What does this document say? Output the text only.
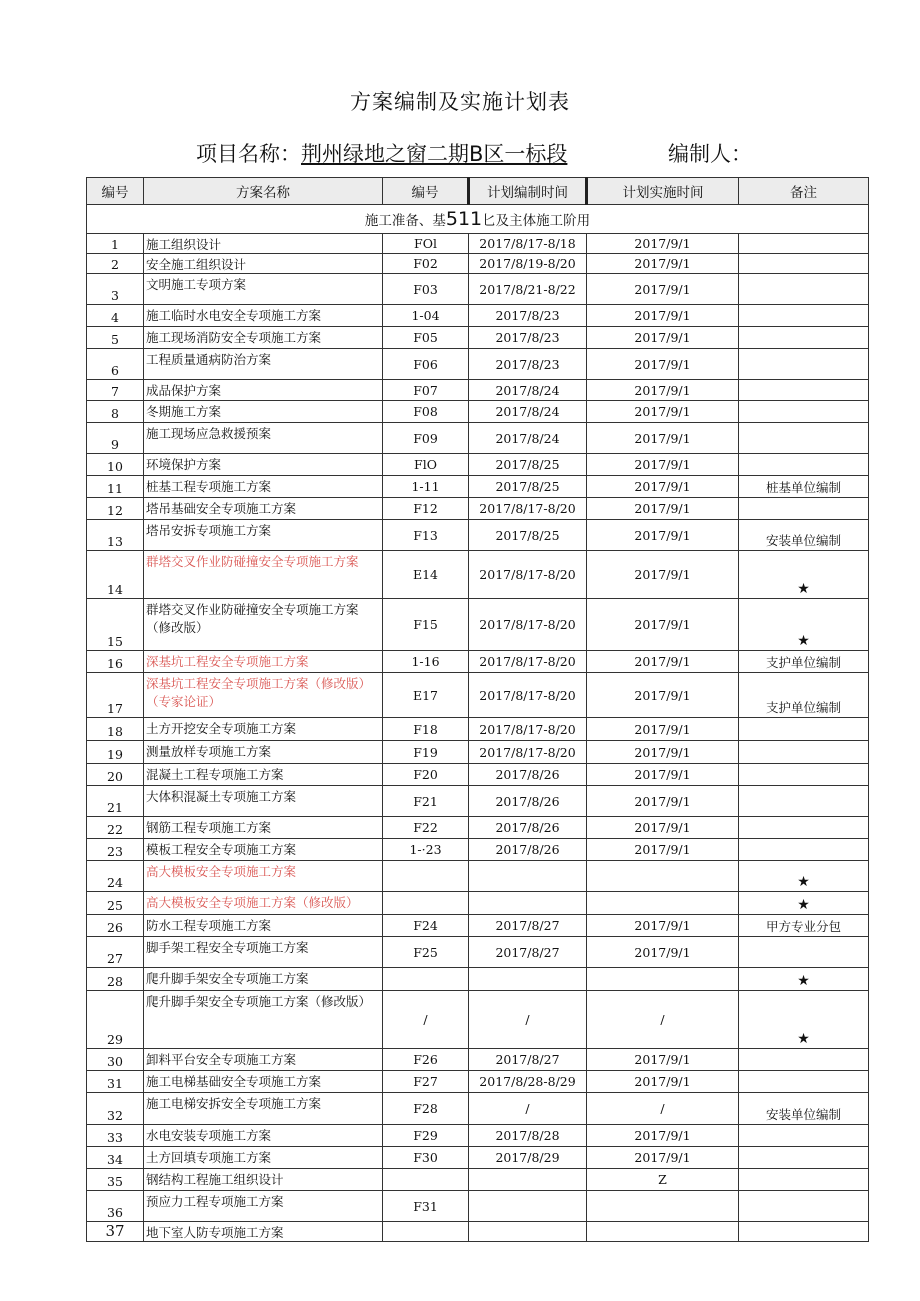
方案编制及实施计划表
项目名称：荆州绿地之窗二期B区一标段	编制人：
编号	方案名称	编号	计划编制时间	计划实施时间	备注
施工准备、基511匕及主体施工阶用					
1	施工组织设计	FOl	2017/8/17-8/18	2017/9/1	
2	安全施工组织设计	F02	2017/8/19-8/20	2017/9/1	
3	文明施工专项方案	F03	2017/8/21-8/22	2017/9/1	
4	施工临时水电安全专项施工方案	1-04	2017/8/23	2017/9/1	
5	施工现场消防安全专项施工方案	F05	2017/8/23	2017/9/1	
6	工程质量通病防治方案	F06	2017/8/23	2017/9/1	
7	成品保护方案	F07	2017/8/24	2017/9/1	
8	冬期施工方案	F08	2017/8/24	2017/9/1	
9	施工现场应急救援预案	F09	2017/8/24	2017/9/1	
10	环境保护方案	FlO	2017/8/25	2017/9/1	
11	桩基工程专项施工方案	1-11	2017/8/25	2017/9/1	桩基单位编制
12	塔吊基础安全专项施工方案	F12	2017/8/17-8/20	2017/9/1	
13	塔吊安拆专项施工方案	F13	2017/8/25	2017/9/1	安装单位编制
14	群塔交叉作业防碰撞安全专项施工方案	E14	2017/8/17-8/20	2017/9/1	★
15	群塔交叉作业防碰撞安全专项施工方案（修改版）	F15	2017/8/17-8/20	2017/9/1	★
16	深基坑工程安全专项施工方案	1-16	2017/8/17-8/20	2017/9/1	支护单位编制
17	深基坑工程安全专项施工方案（修改版）（专家论证）	E17	2017/8/17-8/20	2017/9/1	支护单位编制
18	土方开挖安全专项施工方案	F18	2017/8/17-8/20	2017/9/1	
19	测量放样专项施工方案	F19	2017/8/17-8/20	2017/9/1	
20	混凝土工程专项施工方案	F20	2017/8/26	2017/9/1	
21	大体积混凝土专项施工方案	F21	2017/8/26	2017/9/1	
22	钢筋工程专项施工方案	F22	2017/8/26	2017/9/1	
23	模板工程安全专项施工方案	1-·23	2017/8/26	2017/9/1	
24	高大模板安全专项施工方案				★
25	高大模板安全专项施工方案（修改版）				★
26	防水工程专项施工方案	F24	2017/8/27	2017/9/1	甲方专业分包
27	脚手架工程安全专项施工方案	F25	2017/8/27	2017/9/1	
28	爬升脚手架安全专项施工方案				★
29	爬升脚手架安全专项施工方案（修改版）	/	/	/	★
30	卸料平台安全专项施工方案	F26	2017/8/27	2017/9/1	
31	施工电梯基础安全专项施工方案	F27	2017/8/28-8/29	2017/9/1	
32	施工电梯安拆安全专项施工方案	F28	/	/	安装单位编制
33	水电安装专项施工方案	F29	2017/8/28	2017/9/1	
34	土方回填专项施工方案	F30	2017/8/29	2017/9/1	
35	钢结构工程施工组织设计			Z	
36	预应力工程专项施工方案	F31			
37	地下室人防专项施工方案				
